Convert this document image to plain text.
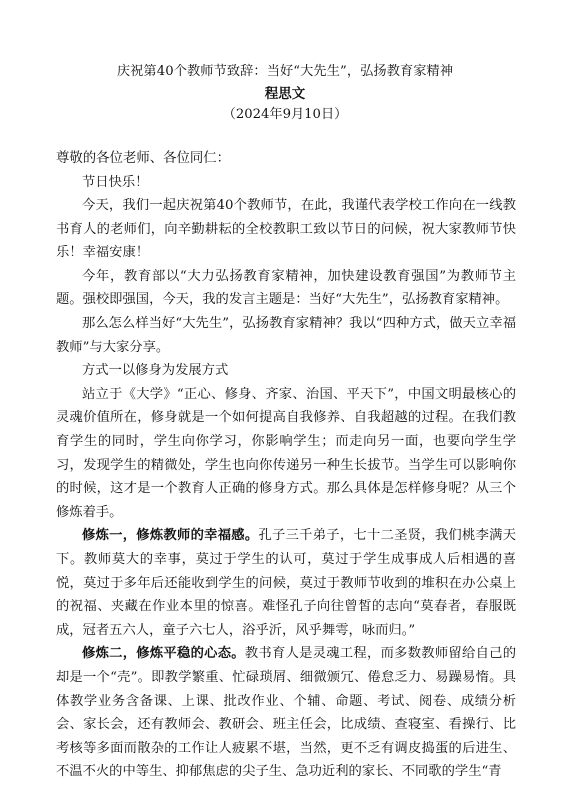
庆祝第40个教师节致辞：当好“大先生”，弘扬教育家精神
程思文
（2024年9月10日）

尊敬的各位老师、各位同仁：

节日快乐！

今天，我们一起庆祝第40个教师节，在此，我谨代表学校工作向在一线教书育人的老师们，向辛勤耕耘的全校教职工致以节日的问候，祝大家教师节快乐！幸福安康！

今年，教育部以“大力弘扬教育家精神，加快建设教育强国”为教师节主题。强校即强国，今天，我的发言主题是：当好“大先生”，弘扬教育家精神。

那么怎么样当好“大先生”，弘扬教育家精神？我以“四种方式，做天立幸福教师”与大家分享。

方式一以修身为发展方式

站立于《大学》“正心、修身、齐家、治国、平天下”，中国文明最核心的灵魂价值所在，修身就是一个如何提高自我修养、自我超越的过程。在我们教育学生的同时，学生向你学习，你影响学生；而走向另一面，也要向学生学习，发现学生的精微处，学生也向你传递另一种生长拔节。当学生可以影响你的时候，这才是一个教育人正确的修身方式。那么具体是怎样修身呢？从三个修炼着手。

修炼一，修炼教师的幸福感。孔子三千弟子，七十二圣贤，我们桃李满天下。教师莫大的幸事，莫过于学生的认可，莫过于学生成事成人后相遇的喜悦，莫过于多年后还能收到学生的问候，莫过于教师节收到的堆积在办公桌上的祝福、夹藏在作业本里的惊喜。难怪孔子向往曾皙的志向“莫春者，春服既成，冠者五六人，童子六七人，浴乎沂，风乎舞雩，咏而归。”

修炼二，修炼平稳的心态。教书育人是灵魂工程，而多数教师留给自己的却是一个“壳”。即教学繁重、忙碌琐屑、细微颁冗、倦怠乏力、易躁易惰。具体教学业务含备课、上课、批改作业、个辅、命题、考试、阅卷、成绩分析会、家长会，还有教师会、教研会、班主任会，比成绩、查寝室、看操行、比考核等多面而散杂的工作让人疲累不堪，当然，更不乏有调皮捣蛋的后进生、不温不火的中等生、抑郁焦虑的尖子生、急功近利的家长、不同歌的学生“青
